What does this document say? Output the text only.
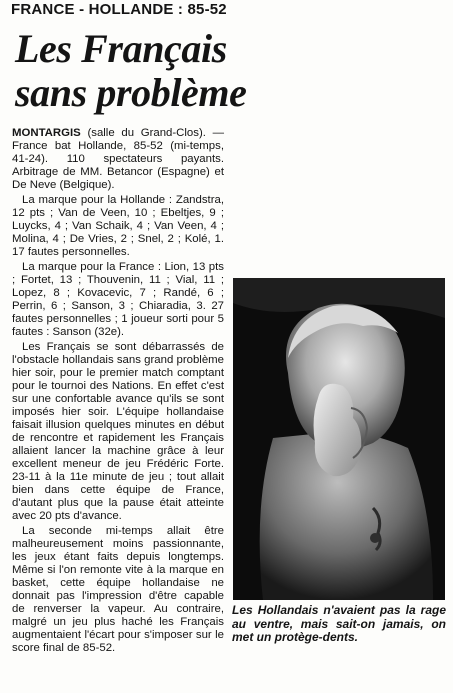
FRANCE - HOLLANDE : 85-52
Les Français
sans problème

MONTARGIS (salle du Grand-Clos). — France bat Hollande, 85-52 (mi-temps, 41-24). 110 spectateurs payants. Arbitrage de MM. Betancor (Espagne) et De Neve (Belgique).

La marque pour la Hollande : Zandstra, 12 pts ; Van de Veen, 10 ; Ebeltjes, 9 ; Luycks, 4 ; Van Schaik, 4 ; Van Veen, 4 ; Molina, 4 ; De Vries, 2 ; Snel, 2 ; Kolé, 1. 17 fautes personnelles.

La marque pour la France : Lion, 13 pts ; Fortet, 13 ; Thouvenin, 11 ; Vial, 11 ; Lopez, 8 ; Kovacevic, 7 ; Randé, 6 ; Perrin, 6 ; Sanson, 3 ; Chiaradia, 3. 27 fautes personnelles ; 1 joueur sorti pour 5 fautes : Sanson (32e).

Les Français se sont débarrassés de l'obstacle hollandais sans grand problème hier soir, pour le premier match comptant pour le tournoi des Nations. En effet c'est sur une confortable avance qu'ils se sont imposés hier soir. L'équipe hollandaise faisait illusion quelques minutes en début de rencontre et rapidement les Français allaient lancer la machine grâce à leur excellent meneur de jeu Frédéric Forte. 23-11 à la 11e minute de jeu ; tout allait bien dans cette équipe de France, d'autant plus que la pause était atteinte avec 20 pts d'avance.

La seconde mi-temps allait être malheureusement moins passionnante, les jeux étant faits depuis longtemps. Même si l'on remonte vite à la marque en basket, cette équipe hollandaise ne donnait pas l'impression d'être capable de renverser la vapeur. Au contraire, malgré un jeu plus haché les Français augmentaient l'écart pour s'imposer sur le score final de 85-52.

Les Hollandais n'avaient pas la rage au ventre, mais sait-on jamais, on met un protège-dents.
